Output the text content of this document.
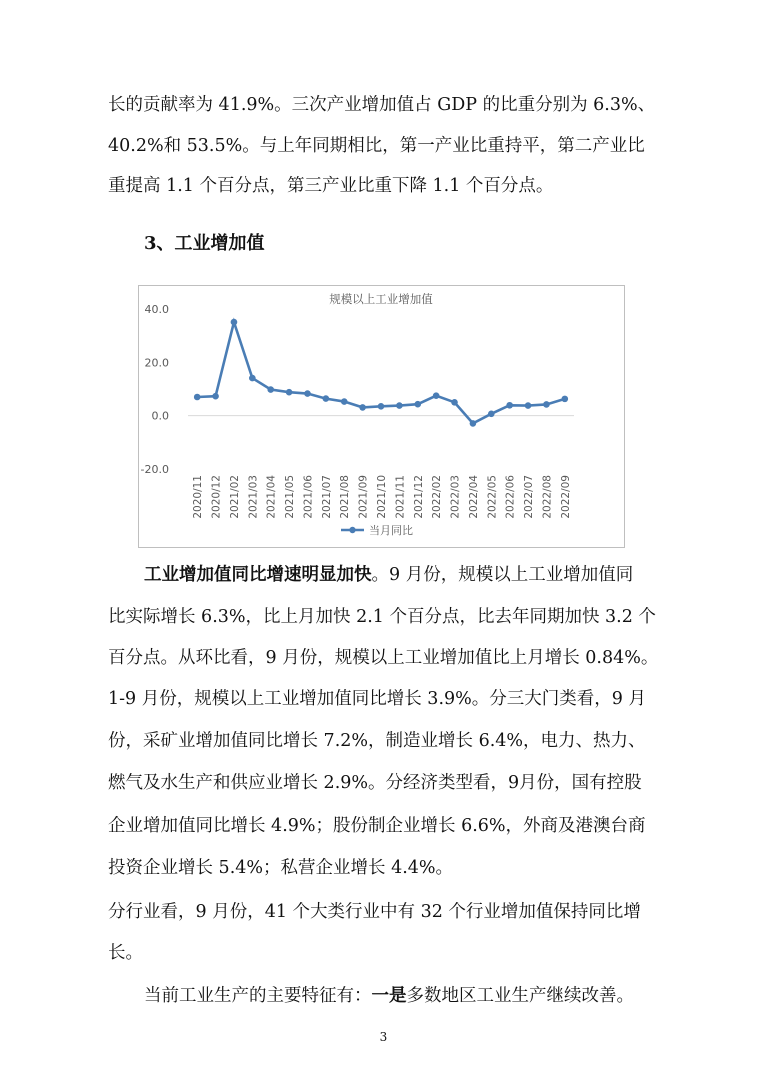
长的贡献率为 41.9%。三次产业增加值占 GDP 的比重分别为 6.3%、
40.2%和 53.5%。与上年同期相比，第一产业比重持平，第二产业比
重提高 1.1 个百分点，第三产业比重下降 1.1 个百分点。
3、工业增加值
规模以上工业增加值
40.0
20.0
0.0
-20.0
2020/11 2020/12 2021/02 2021/03 2021/04 2021/05 2021/06 2021/07 2021/08 2021/09 2021/10 2021/11 2021/12 2022/02 2022/03 2022/04 2022/05 2022/06 2022/07 2022/08 2022/09
当月同比
工业增加值同比增速明显加快。9 月份，规模以上工业增加值同
比实际增长 6.3%，比上月加快 2.1 个百分点，比去年同期加快 3.2 个
百分点。从环比看，9 月份，规模以上工业增加值比上月增长 0.84%。
1-9 月份，规模以上工业增加值同比增长 3.9%。分三大门类看，9 月
份，采矿业增加值同比增长 7.2%，制造业增长 6.4%，电力、热力、
燃气及水生产和供应业增长 2.9%。分经济类型看，9月份，国有控股
企业增加值同比增长 4.9%；股份制企业增长 6.6%，外商及港澳台商
投资企业增长 5.4%；私营企业增长 4.4%。
分行业看，9 月份，41 个大类行业中有 32 个行业增加值保持同比增
长。
当前工业生产的主要特征有：一是多数地区工业生产继续改善。
3
